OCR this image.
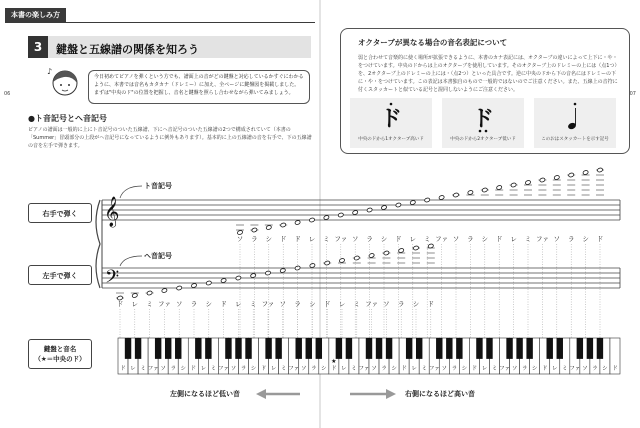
06	07
本書の楽しみ方
3	鍵盤と五線譜の関係を知ろう
♪
今日初めてピアノを弾くという方でも、譜面上の音がどの鍵盤と対応しているかすぐにわかるように、本書では音名もカタカナ（ドレミー）に加え、全ページに鍵盤図を掲載しました。まずは"中央のド"の位置を把握し、音名と鍵盤を照らし合わせながら弾いてみましょう。
●ト音記号とヘ音記号
ピアノの譜面は一般的に上にト音記号のついた五線譜、下にヘ音記号のついた五線譜の2つで構成されていて（本書の「Summer」冒頭部分の上段がヘ音記号になっているように例外もあります）。基本的に上の五線譜の音を右手で、下の五線譜の音を左手で弾きます。
オクターブが異なる場合の音名表記について
弱と合わせて音楽的に使く場所が拡張できるように、本書のカナ表記には、オクターブの違いによって上下に・や・をつけています。中央のドからは上のオクターブを使用しています。そのオクターブ上のドレミーの上には（点1つ）を、2オクターブ上のドレミーの上には・（点2つ）といった具合です。逆に中央のドから下の音名にはドレミーの下に・や・をつけています。この表記は本書独自のもので一般的ではないのでご注意ください。また、五線上の音符に付くスタッカートと似ている記号と混同しないようにご注意ください。
ド
中央のドから1オクターブ高いド
ド
中央のドから2オクターブ低いド	このおはスタッカートを示す記号
右手で弾く
左手で弾く
鍵盤と音名
（★＝中央のド）
𝄞
𝄢
ト音記号
ヘ音記号
ソ ラ シ ド ド レ ミ ファ ソ ラ シ ド レ ミ ファ ソ ラ シ ド レ ミ ファ ソ ラ シ ド
ド レ ミ ファ ソ ラ シ ド レ ミ ファ ソ ラ シ ド レ ミ ファ ソ ラ シ ド
ド レ ミ ファ ソ ラ シ ド レ ミ ファ ソ ラ シ ド レ ミ ファ ソ ラ シ ド レ ミ ファ ソ ラ シ ド レ ミ ファ ソ ラ シ ド レ ミ ファ ソ ラ シ ド レ ミ ファ ソ ラ シ ド
★
左側になるほど低い音	右側になるほど高い音
